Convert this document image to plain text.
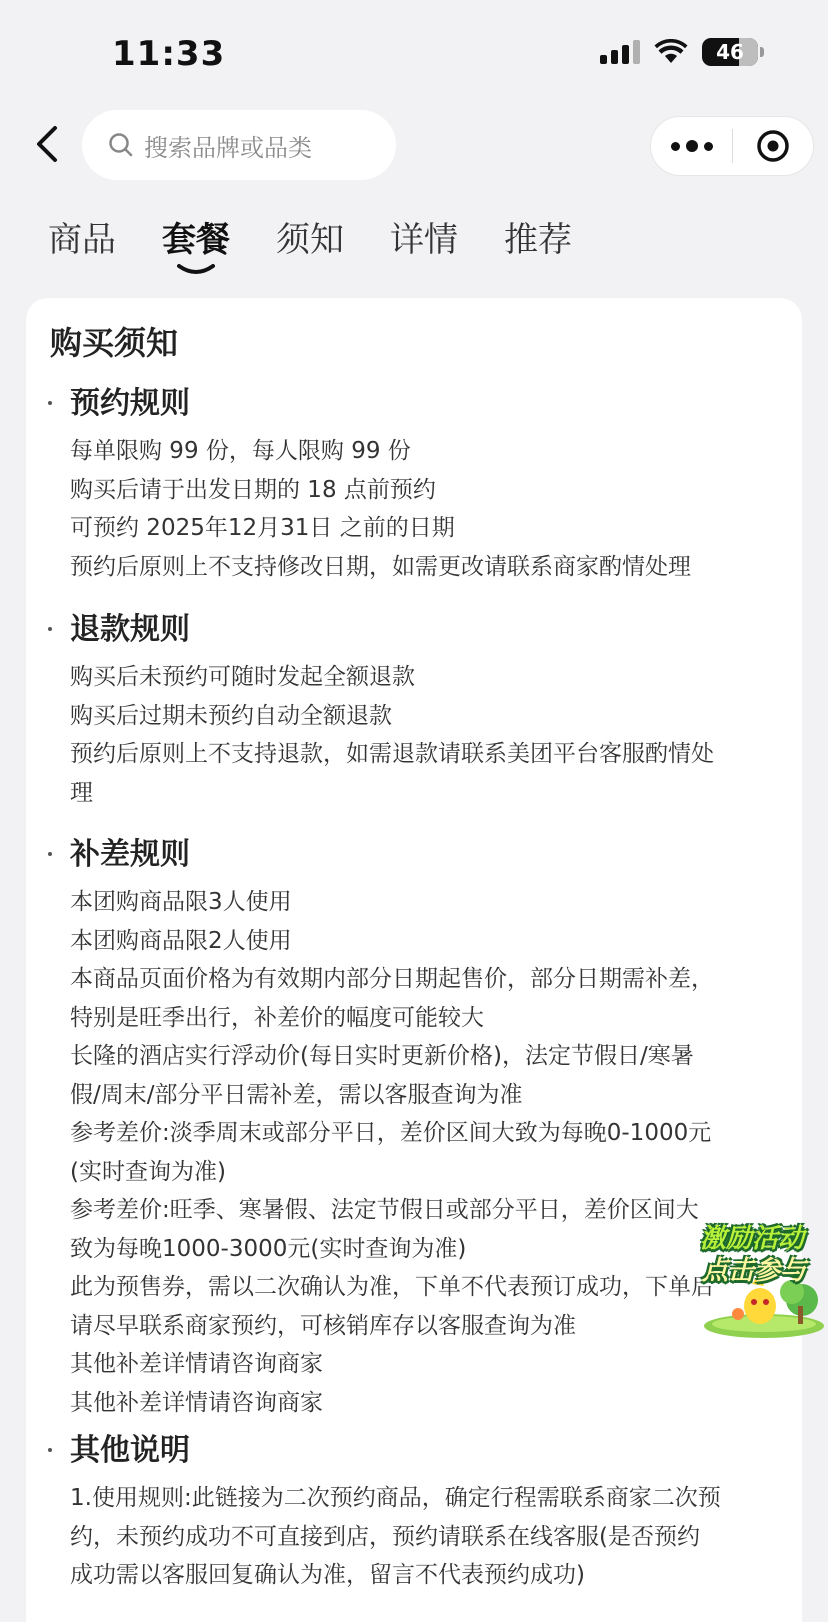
11:33	46
搜索品牌或品类
商品 套餐 须知 详情 推荐
购买须知
预约规则
每单限购 99 份，每人限购 99 份
购买后请于出发日期的 18 点前预约
可预约 2025年12月31日 之前的日期
预约后原则上不支持修改日期，如需更改请联系商家酌情处理
退款规则
购买后未预约可随时发起全额退款
购买后过期未预约自动全额退款
预约后原则上不支持退款，如需退款请联系美团平台客服酌情处
理
补差规则
本团购商品限3人使用
本团购商品限2人使用
本商品页面价格为有效期内部分日期起售价，部分日期需补差，
特别是旺季出行，补差价的幅度可能较大
长隆的酒店实行浮动价(每日实时更新价格)，法定节假日/寒暑
假/周末/部分平日需补差，需以客服查询为准
参考差价:淡季周末或部分平日，差价区间大致为每晚0-1000元
(实时查询为准)
参考差价:旺季、寒暑假、法定节假日或部分平日，差价区间大
致为每晚1000-3000元(实时查询为准)
此为预售券，需以二次确认为准，下单不代表预订成功，下单后
请尽早联系商家预约，可核销库存以客服查询为准
其他补差详情请咨询商家
其他补差详情请咨询商家
其他说明
1.使用规则:此链接为二次预约商品，确定行程需联系商家二次预
约，未预约成功不可直接到店，预约请联系在线客服(是否预约
成功需以客服回复确认为准，留言不代表预约成功)
激励活动
点击参与
